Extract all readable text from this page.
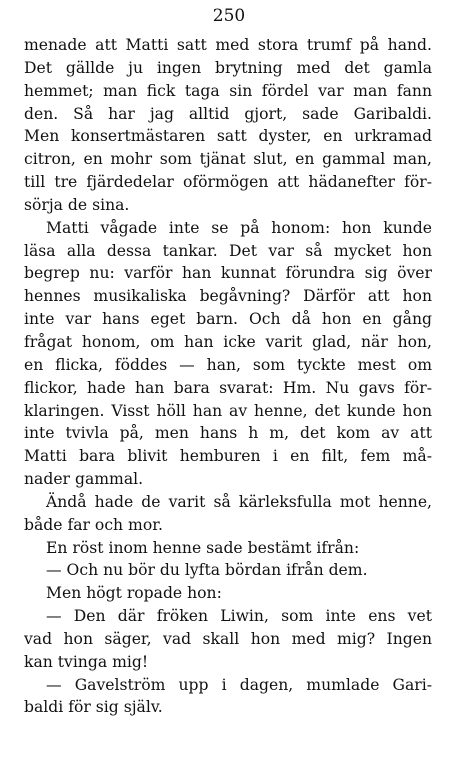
250
menade att Matti satt med stora trumf på hand.
Det gällde ju ingen brytning med det gamla
hemmet; man fick taga sin fördel var man fann
den. Så har jag alltid gjort, sade Garibaldi.
Men konsertmästaren satt dyster, en urkramad
citron, en mohr som tjänat slut, en gammal man,
till tre fjärdedelar oförmögen att hädanefter för-
sörja de sina.
Matti vågade inte se på honom: hon kunde
läsa alla dessa tankar. Det var så mycket hon
begrep nu: varför han kunnat förundra sig över
hennes musikaliska begåvning? Därför att hon
inte var hans eget barn. Och då hon en gång
frågat honom, om han icke varit glad, när hon,
en flicka, föddes — han, som tyckte mest om
flickor, hade han bara svarat: Hm. Nu gavs för-
klaringen. Visst höll han av henne, det kunde hon
inte tvivla på, men hans h m, det kom av att
Matti bara blivit hemburen i en filt, fem må-
nader gammal.
Ändå hade de varit så kärleksfulla mot henne,
både far och mor.
En röst inom henne sade bestämt ifrån:
— Och nu bör du lyfta bördan ifrån dem.
Men högt ropade hon:
— Den där fröken Liwin, som inte ens vet
vad hon säger, vad skall hon med mig? Ingen
kan tvinga mig!
— Gavelström upp i dagen, mumlade Gari-
baldi för sig själv.
